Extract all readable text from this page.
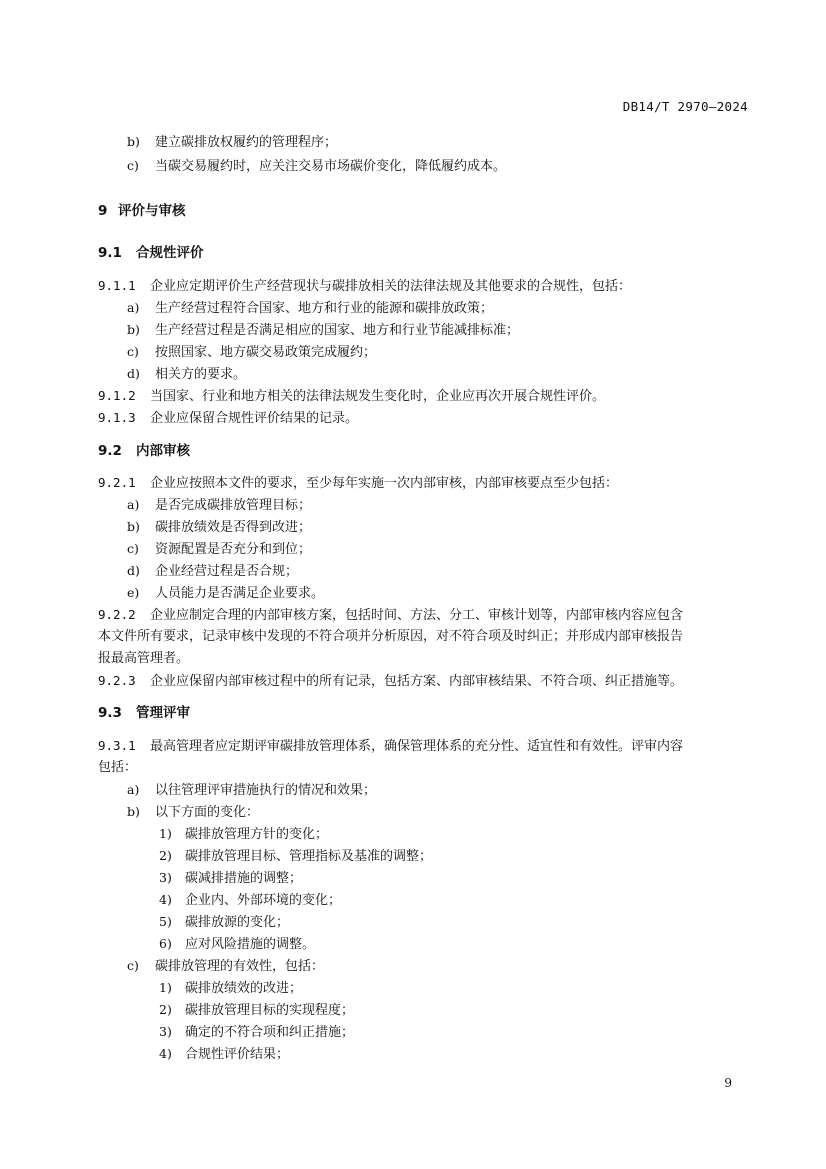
DB14/T 2970—2024
b) 建立碳排放权履约的管理程序；
c) 当碳交易履约时，应关注交易市场碳价变化，降低履约成本。
9 评价与审核
9.1 合规性评价
9.1.1 企业应定期评价生产经营现状与碳排放相关的法律法规及其他要求的合规性，包括：
a) 生产经营过程符合国家、地方和行业的能源和碳排放政策；
b) 生产经营过程是否满足相应的国家、地方和行业节能减排标准；
c) 按照国家、地方碳交易政策完成履约；
d) 相关方的要求。
9.1.2 当国家、行业和地方相关的法律法规发生变化时，企业应再次开展合规性评价。
9.1.3 企业应保留合规性评价结果的记录。
9.2 内部审核
9.2.1 企业应按照本文件的要求，至少每年实施一次内部审核，内部审核要点至少包括：
a) 是否完成碳排放管理目标；
b) 碳排放绩效是否得到改进；
c) 资源配置是否充分和到位；
d) 企业经营过程是否合规；
e) 人员能力是否满足企业要求。
9.2.2 企业应制定合理的内部审核方案，包括时间、方法、分工、审核计划等，内部审核内容应包含
本文件所有要求，记录审核中发现的不符合项并分析原因，对不符合项及时纠正；并形成内部审核报告
报最高管理者。
9.2.3 企业应保留内部审核过程中的所有记录，包括方案、内部审核结果、不符合项、纠正措施等。
9.3 管理评审
9.3.1 最高管理者应定期评审碳排放管理体系，确保管理体系的充分性、适宜性和有效性。评审内容
包括：
a) 以往管理评审措施执行的情况和效果；
b) 以下方面的变化：
1) 碳排放管理方针的变化；
2) 碳排放管理目标、管理指标及基准的调整；
3) 碳减排措施的调整；
4) 企业内、外部环境的变化；
5) 碳排放源的变化；
6) 应对风险措施的调整。
c) 碳排放管理的有效性，包括：
1) 碳排放绩效的改进；
2) 碳排放管理目标的实现程度；
3) 确定的不符合项和纠正措施；
4) 合规性评价结果；
9
